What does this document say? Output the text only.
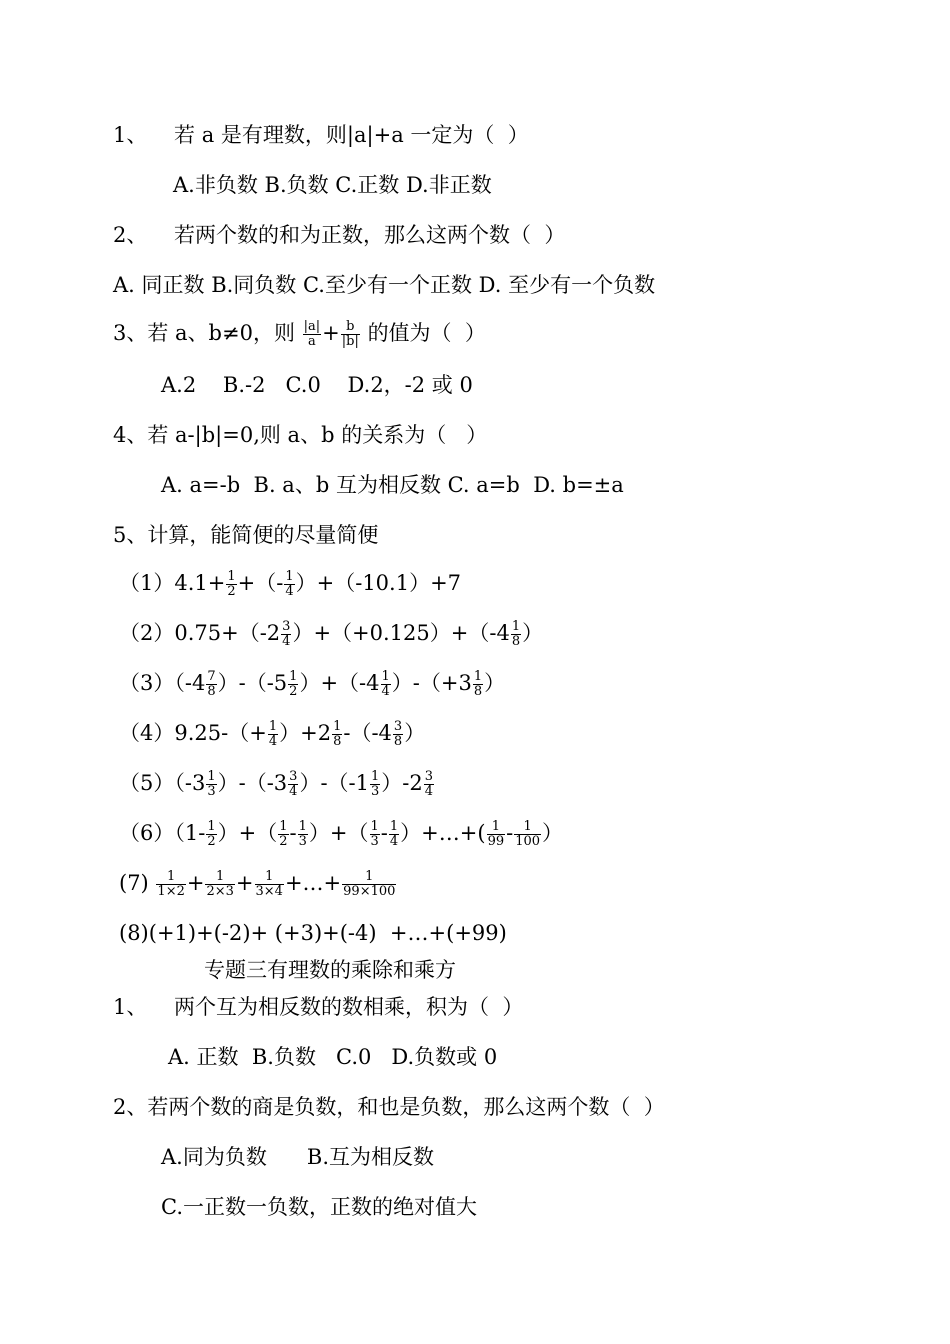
1、    若 a 是有理数，则|a|+a 一定为（  ）
A.非负数 B.负数 C.正数 D.非正数
2、    若两个数的和为正数，那么这两个数（  ）
A. 同正数 B.同负数 C.至少有一个正数 D. 至少有一个负数
3、若 a、b≠0，则 $\frac{|a|}{a} + \frac{b}{|b|}$ 的值为（  ）
A.2    B.-2   C.0    D.2，-2 或 0
4、若 a-|b|=0,则 a、b 的关系为（   ）
A. a=-b  B. a、b 互为相反数 C. a=b  D. b=±a
5、计算，能简便的尽量简便
$(1)4.1+ \frac{1}{2}$ +（- $\frac{1}{4} )+(-10.1)+7$
$(2)0.75+(-2 \frac{3}{4} )+(+0.125)+(-4 \frac{1}{8}$ ）
$(3)(-4 \frac{7}{8} )-(-5 \frac{1}{2} )+(-4 \frac{1}{4} )-(+3 \frac{1}{8}$ ）
$(4)9.25-(+ \frac{1}{4} )+2 \frac{1}{8} -(-4 \frac{3}{8}$ ）
$(5)(-3 \frac{1}{3} )-(-3 \frac{3}{4} )-(-1 \frac{1}{3} )-2 \frac{3}{4}$
$(6)(1- \frac{1}{2}$ ）+（ $\frac{1}{2} - \frac{1}{3}$ ）+（ $\frac{1}{3} - \frac{1}{4}$ ）+…+( $\frac{1}{99} - \frac{1}{100}$ ）
$(7) \frac{1}{1\times 2} + \frac{1}{2\times 3} + \frac{1}{3\times 4}$ +…+ $\frac{1}{99\times 100}$
(8)(+1)+(-2)+ (+3)+(-4)  +…+(+99)
专题三有理数的乘除和乘方
1、    两个互为相反数的数相乘，积为（  ）
A. 正数  B.负数   C.0   D.负数或 0
2、若两个数的商是负数，和也是负数，那么这两个数（  ）
A.同为负数      B.互为相反数
C.一正数一负数，正数的绝对值大
